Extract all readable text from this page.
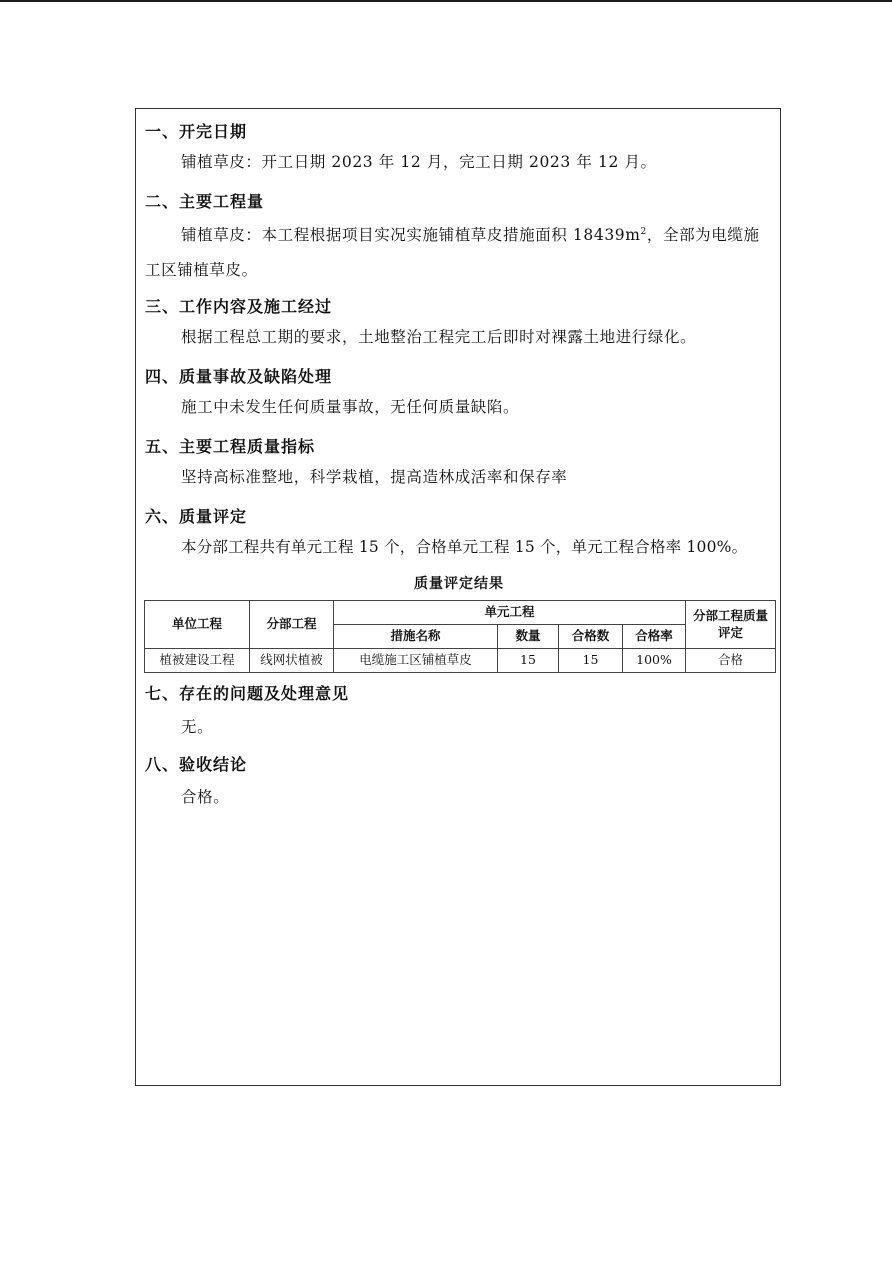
一、开完日期
铺植草皮：开工日期 2023 年 12 月，完工日期 2023 年 12 月。
二、主要工程量
铺植草皮：本工程根据项目实况实施铺植草皮措施面积 $18439m^2$，全部为电缆施工区铺植草皮。
三、工作内容及施工经过
根据工程总工期的要求，土地整治工程完工后即时对裸露土地进行绿化。
四、质量事故及缺陷处理
施工中未发生任何质量事故，无任何质量缺陷。
五、主要工程质量指标
坚持高标准整地，科学栽植，提高造林成活率和保存率
六、质量评定
本分部工程共有单元工程 15 个，合格单元工程 15 个，单元工程合格率 100%。
质量评定结果
单位工程	分部工程	单元工程				分部工程质量评定
		措施名称	数量	合格数	合格率	
植被建设工程	线网状植被	电缆施工区铺植草皮	15	15	100%	合格
七、存在的问题及处理意见
无。
八、验收结论
合格。
